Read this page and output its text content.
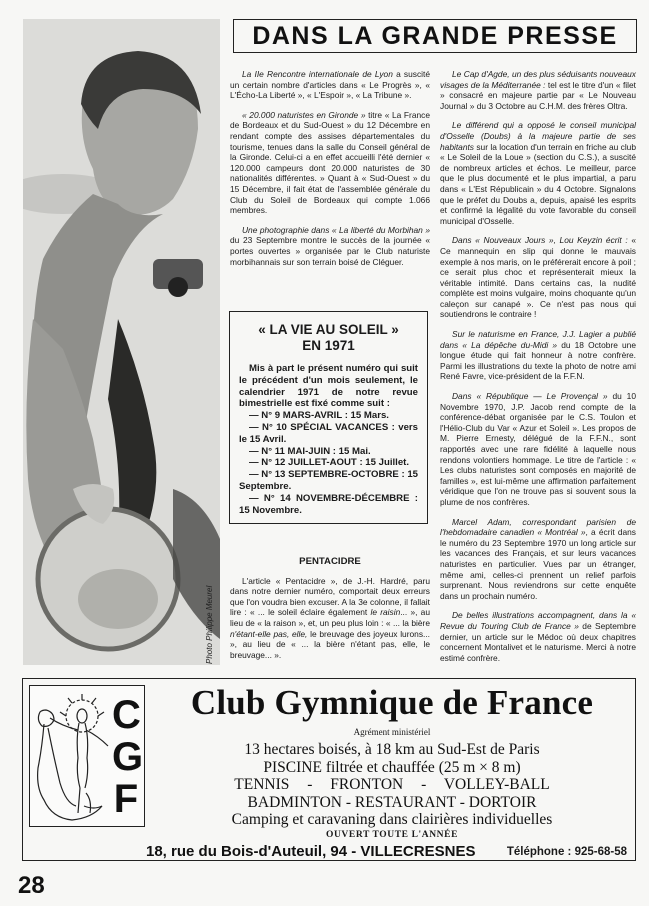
DANS LA GRANDE PRESSE
Photo Philippe Meurel

La IIe Rencontre internationale de Lyon a suscité un certain nombre d'articles dans « Le Progrès », « L'Écho-La Liberté », « L'Espoir », « La Tribune ».

« 20.000 naturistes en Gironde » titre « La France de Bordeaux et du Sud-Ouest » du 12 Décembre en rendant compte des assises départementales du tourisme, tenues dans la salle du Conseil général de la Gironde. Celui-ci a en effet accueilli l'été dernier « 120.000 campeurs dont 20.000 naturistes de 30 nationalités différentes. » Quant à « Sud-Ouest » du 15 Décembre, il fait état de l'assemblée générale du Club du Soleil de Bordeaux qui compte 1.066 membres.

Une photographie dans « La liberté du Morbihan » du 23 Septembre montre le succès de la journée « portes ouvertes » organisée par le Club naturiste morbihannais sur son terrain boisé de Cléguer.

« LA VIE AU SOLEIL »
EN 1971

Mis à part le présent numéro qui suit le précédent d'un mois seulement, le calendrier 1971 de notre revue bimestrielle est fixé comme suit :

— N° 9 MARS-AVRIL : 15 Mars.

— N° 10 SPÉCIAL VACANCES : vers le 15 Avril.

— N° 11 MAI-JUIN : 15 Mai.

— N° 12 JUILLET-AOUT : 15 Juillet.

— N° 13 SEPTEMBRE-OCTOBRE : 15 Septembre.

— N° 14 NOVEMBRE-DÉCEMBRE : 15 Novembre.

PENTACIDRE

L'article « Pentacidre », de J.-H. Hardré, paru dans notre dernier numéro, comportait deux erreurs que l'on voudra bien excuser. A la 3e colonne, il fallait lire : « ... le soleil éclaire également le raisin... », au lieu de « la raison », et, un peu plus loin : « ... la bière n'étant-elle pas, elle, le breuvage des joyeux lurons... », au lieu de « ... la bière n'étant pas, elle, le breuvage... ».

Le Cap d'Agde, un des plus séduisants nouveaux visages de la Méditerranée : tel est le titre d'un « filet » consacré en majeure partie par « Le Nouveau Journal » du 3 Octobre au C.H.M. des frères Oltra.

Le différend qui a opposé le conseil municipal d'Osselle (Doubs) à la majeure partie de ses habitants sur la location d'un terrain en friche au club « Le Soleil de la Loue » (section du C.S.), a suscité de nombreux articles et échos. Le meilleur, parce que le plus documenté et le plus impartial, a paru dans « L'Est Républicain » du 4 Octobre. Signalons que le préfet du Doubs a, depuis, apaisé les esprits et confirmé la légalité du vote favorable du conseil municipal d'Osselle.

Dans « Nouveaux Jours », Lou Keyzin écrit : « Ce mannequin en slip qui donne le mauvais exemple à nos maris, on le préférerait encore à poil ; ce serait plus choc et représenterait mieux la véritable intimité. Dans certains cas, la nudité complète est moins vulgaire, moins choquante qu'un caleçon sur canapé ». Ce n'est pas nous qui soutiendrons le contraire !

Sur le naturisme en France, J.J. Lagier a publié dans « La dépêche du-Midi » du 18 Octobre une longue étude qui fait honneur à notre confrère. Parmi les illustrations du texte la photo de notre ami René Favre, vice-président de la F.F.N.

Dans « République — Le Provençal » du 10 Novembre 1970, J.P. Jacob rend compte de la conférence-débat organisée par le C.S. Toulon et l'Hélio-Club du Var « Azur et Soleil ». Les propos de M. Pierre Ernesty, délégué de la F.F.N., sont rapportés avec une rare fidélité à laquelle nous rendons volontiers hommage. Le titre de l'article : « Les clubs naturistes sont composés en majorité de familles », est lui-même une affirmation parfaitement véridique que l'on ne trouve pas si souvent sous la plume de nos confrères.

Marcel Adam, correspondant parisien de l'hebdomadaire canadien « Montréal », a écrit dans le numéro du 23 Septembre 1970 un long article sur les vacances des Français, et sur leurs vacances naturistes en particulier. Vues par un étranger, même ami, celles-ci prennent un relief parfois surprenant. Nous reviendrons sur cette enquête dans un prochain numéro.

De belles illustrations accompagnent, dans la « Revue du Touring Club de France » de Septembre dernier, un article sur le Médoc où deux chapitres concernent Montalivet et le naturisme. Merci à notre estimé confrère.

C
G
F
Club Gymnique de France
Agrément ministériel
13 hectares boisés, à 18 km au Sud-Est de Paris
PISCINE filtrée et chauffée (25 m × 8 m)
TENNIS - FRONTON - VOLLEY-BALL
BADMINTON - RESTAURANT - DORTOIR
Camping et caravaning dans clairières individuelles
OUVERT TOUTE L'ANNÉE
18, rue du Bois-d'Auteuil, 94 - VILLECRESNES	Téléphone : 925-68-58
28
